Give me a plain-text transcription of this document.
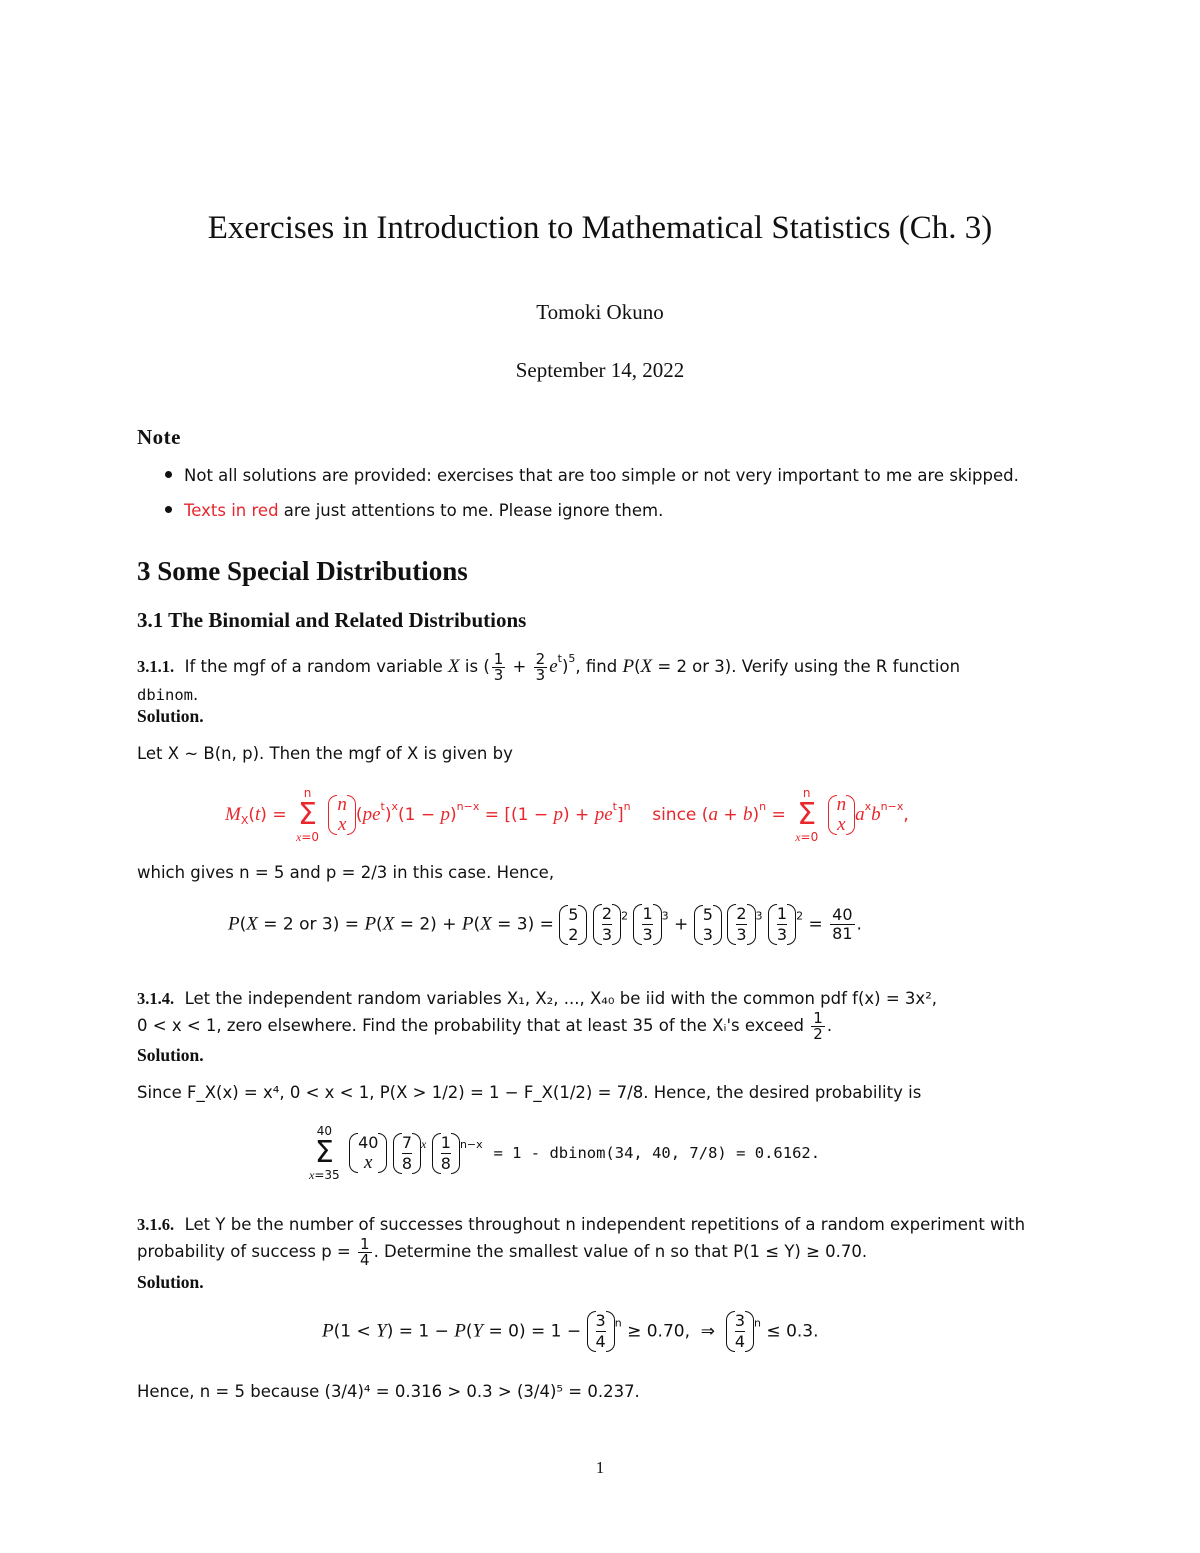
Exercises in Introduction to Mathematical Statistics (Ch. 3)
Tomoki Okuno
September 14, 2022
Note
Not all solutions are provided: exercises that are too simple or not very important to me are skipped.
Texts in red are just attentions to me. Please ignore them.
3 Some Special Distributions
3.1 The Binomial and Related Distributions
3.1.1. If the mgf of a random variable X is ( $\frac{1}{3} + \frac{2}{3} e^t)^5$, find P(X = 2 or 3). Verify using the R function
dbinom.
Solution.
Let X ∼ B(n, p). Then the mgf of X is given by
$M_X(t) = n$
Σ
x=0
n
x $(pe^t)^x(1 - p)^{n-x} = [(1 - p) + pe^t]^n$ since $(a + b)^n = n$
Σ
x=0
n
x $a^xb^{n-x}$,
which gives n = 5 and p = 2/3 in this case. Hence,
P(X = 2 or 3) = P(X = 2) + P(X = 3) =
5
2
$\frac{2}{3} ^2 \frac{1}{3} ^3$ +
5
3
$\frac{2}{3} ^3 \frac{1}{3} ^2 = \frac{40}{81}$ .
3.1.4. Let the independent random variables X₁, X₂, ..., X₄₀ be iid with the common pdf f(x) = 3x²,
0 < x < 1, zero elsewhere. Find the probability that at least 35 of the Xᵢ's exceed $\frac{1}{2}$ .
Solution.
Since F_X(x) = x⁴, 0 < x < 1, P(X > 1/2) = 1 − F_X(1/2) = 7/8. Hence, the desired probability is
40
Σ
x=35
40
x
	$\frac{7}{8} ^x \frac{1}{8} ^{n-x} = 1$ - dbinom(34, 40, 7/8) = 0.6162.
3.1.6. Let Y be the number of successes throughout n independent repetitions of a random experiment with
probability of success $p = \frac{1}{4}$ . Determine the smallest value of n so that P(1 ≤ Y) ≥ 0.70.
Solution.
$P(1 < Y) = 1 - P(Y = 0) = 1 - \frac{3}{4} ^n \ge 0.70$,  ⇒ $\frac{3}{4} ^n \le 0.3$.
Hence, n = 5 because (3/4)⁴ = 0.316 > 0.3 > (3/4)⁵ = 0.237.
1
